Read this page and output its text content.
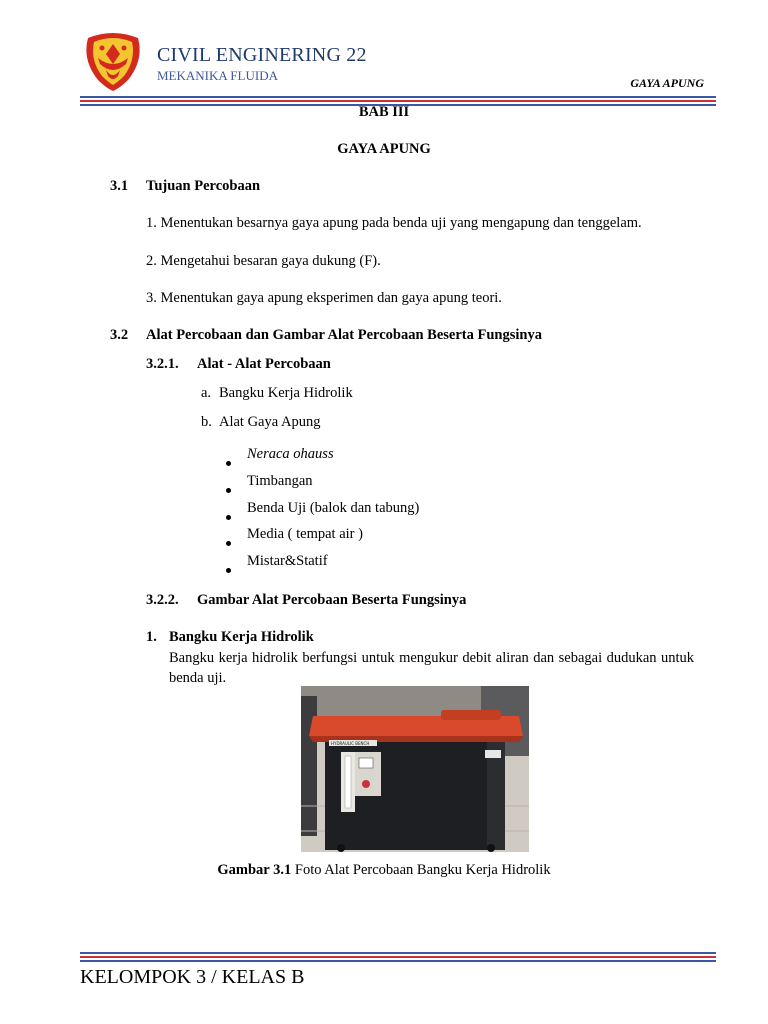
CIVIL ENGINERING 22
MEKANIKA FLUIDA	GAYA APUNG
BAB III
GAYA APUNG
3.1 Tujuan Percobaan
1. Menentukan besarnya gaya apung pada benda uji yang mengapung dan tenggelam.
2. Mengetahui besaran gaya dukung (F).
3. Menentukan gaya apung eksperimen dan gaya apung teori.
3.2 Alat Percobaan dan Gambar Alat Percobaan Beserta Fungsinya
3.2.1. Alat - Alat Percobaan
a. Bangku Kerja Hidrolik
b. Alat Gaya Apung
Neraca ohauss
Timbangan
Benda Uji (balok dan tabung)
Media ( tempat air )
Mistar&Statif
3.2.2. Gambar Alat Percobaan Beserta Fungsinya
1. Bangku Kerja Hidrolik
Bangku kerja hidrolik berfungsi untuk mengukur debit aliran dan sebagai dudukan untuk benda uji.
HYDRAULIC BENCH
Gambar 3.1 Foto Alat Percobaan Bangku Kerja Hidrolik
KELOMPOK 3 / KELAS B
